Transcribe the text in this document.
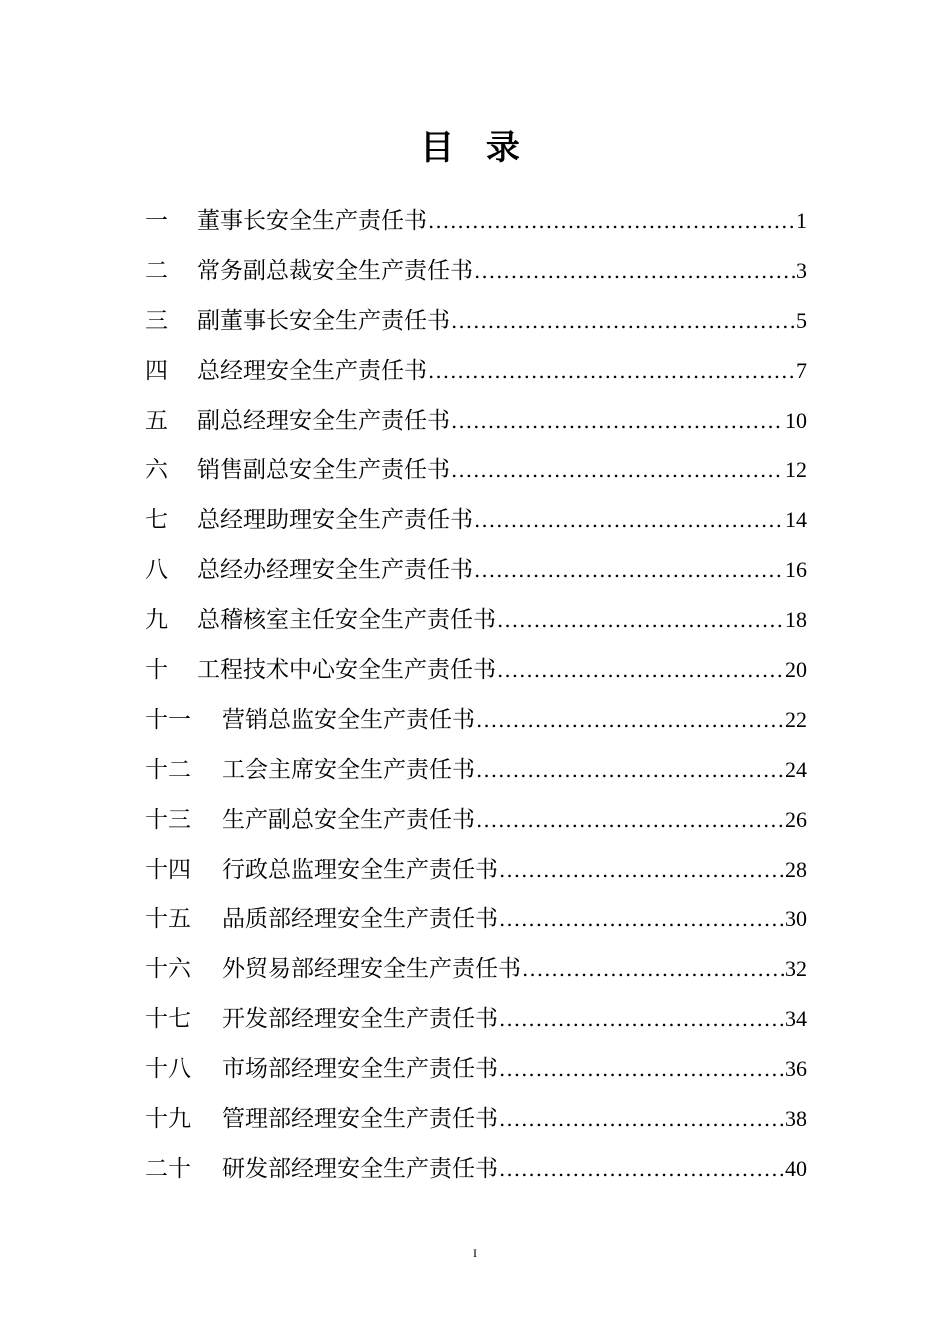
目 录
一	董事长安全生产责任书 .....	1
二	常务副总裁安全生产责任书 .....	3
三	副董事长安全生产责任书 .....	5
四	总经理安全生产责任书 .....	7
五	副总经理安全生产责任书 .....	10
六	销售副总安全生产责任书 .....	12
七	总经理助理安全生产责任书 .....	14
八	总经办经理安全生产责任书 .....	16
九	总稽核室主任安全生产责任书 .....	18
十	工程技术中心安全生产责任书 .....	20
十一	营销总监安全生产责任书 .....	22
十二	工会主席安全生产责任书 .....	24
十三	生产副总安全生产责任书 .....	26
十四	行政总监理安全生产责任书 .....	28
十五	品质部经理安全生产责任书 .....	30
十六	外贸易部经理安全生产责任书 .....	32
十七	开发部经理安全生产责任书 .....	34
十八	市场部经理安全生产责任书 .....	36
十九	管理部经理安全生产责任书 .....	38
二十	研发部经理安全生产责任书 .....	40
I
